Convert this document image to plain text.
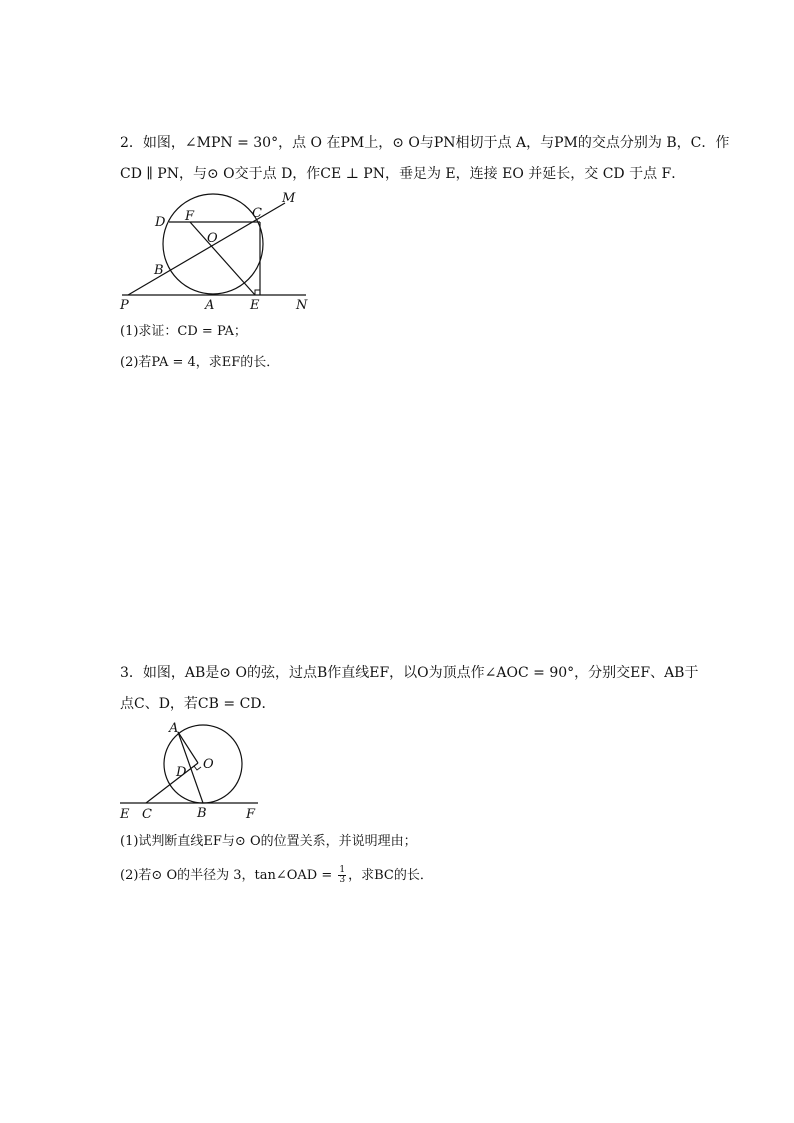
2．如图，∠MPN = 30°，点 O 在PM上，⊙ O与PN相切于点 A，与PM的交点分别为 B，C．作
CD ∥ PN，与⊙ O交于点 D，作CE ⊥ PN，垂足为 E，连接 EO 并延长，交 CD 于点 F．
M
D F	C
O
B
P	A	E	N
(1)求证：CD = PA；
(2)若PA = 4，求EF的长．
3．如图，AB是⊙ O的弦，过点B作直线EF，以O为顶点作∠AOC = 90°，分别交EF、AB于
点C、D，若CB = CD．
A
O
D
E C	B	F
(1)试判断直线EF与⊙ O的位置关系，并说明理由；
(2)若⊙ O的半径为 3，tan∠OAD = $\frac{1}{3}$ ，求BC的长．
